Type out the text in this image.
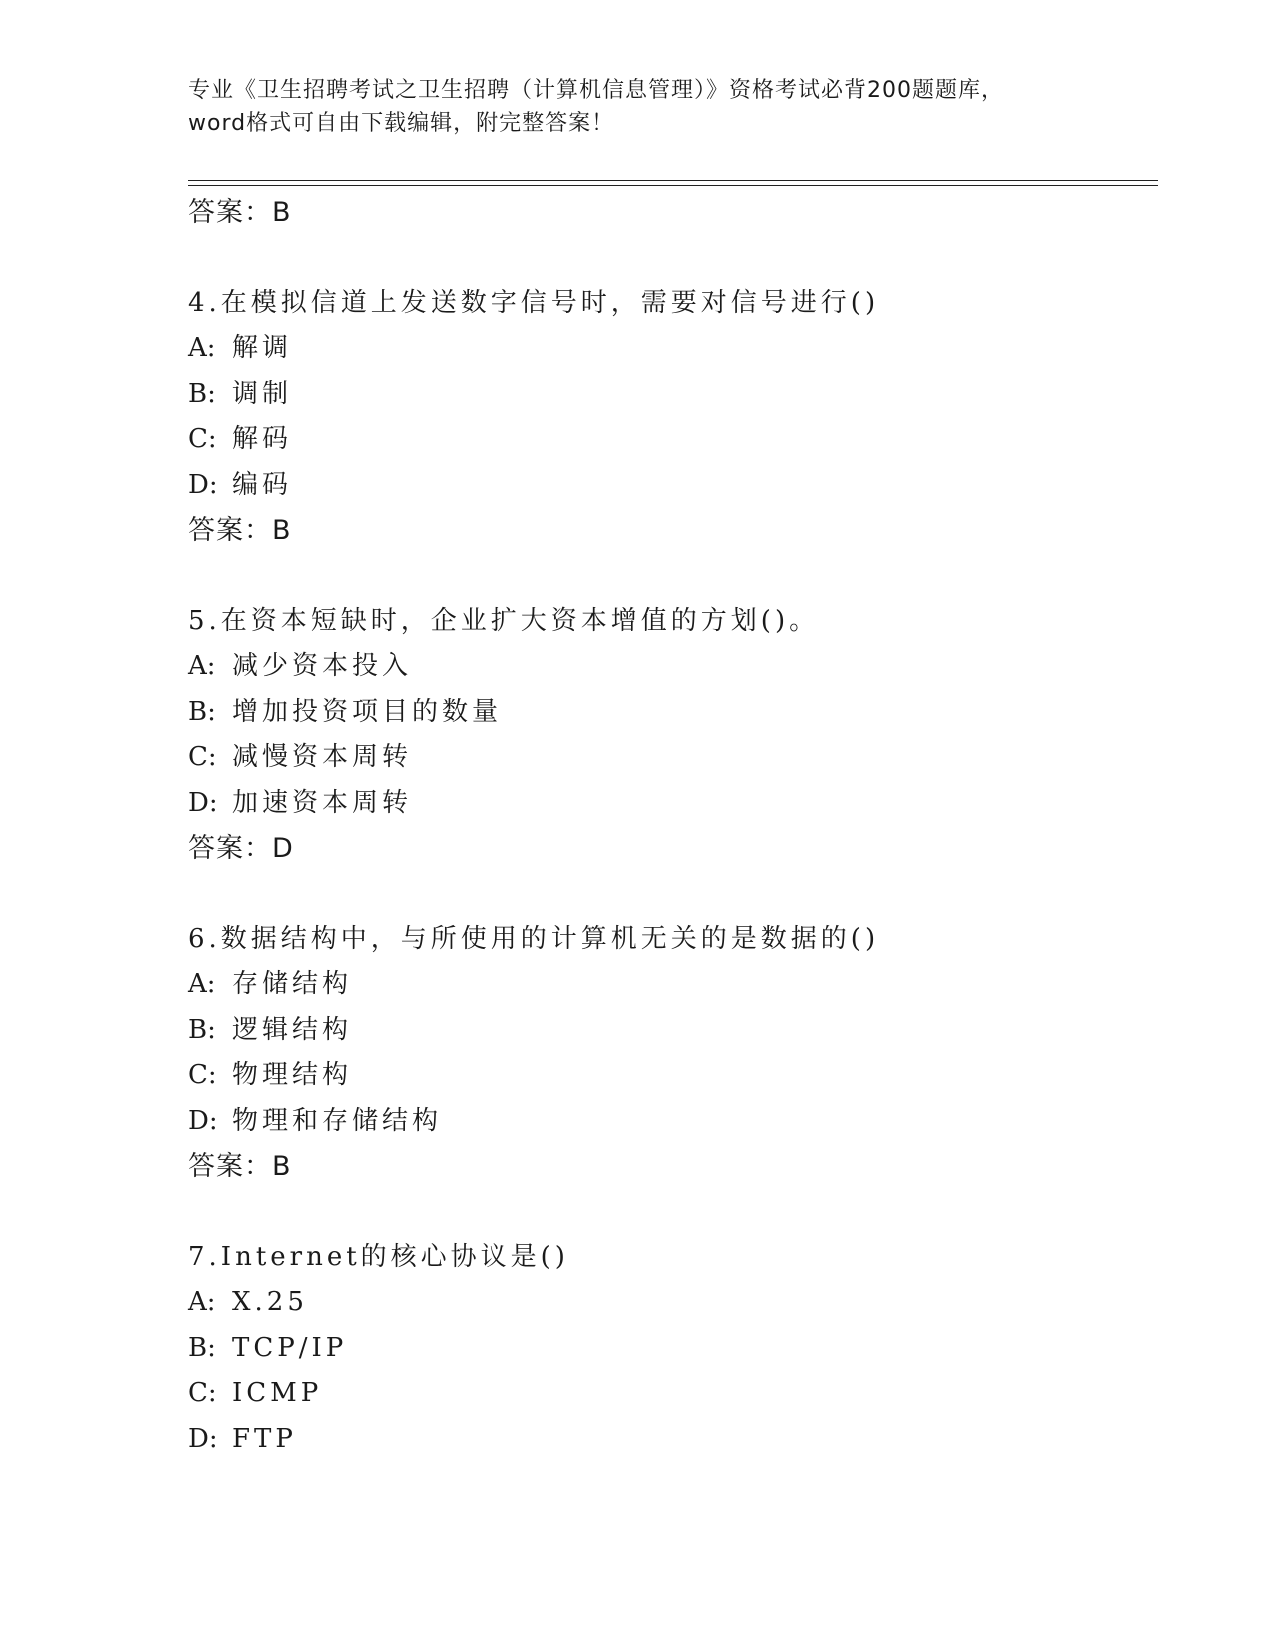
专业《卫生招聘考试之卫生招聘（计算机信息管理）》资格考试必背200题题库，
word格式可自由下载编辑，附完整答案！
答案：B
4.在模拟信道上发送数字信号时，需要对信号进行()
A: 解调
B: 调制
C: 解码
D: 编码
答案：B
5.在资本短缺时，企业扩大资本增值的方划()。
A: 减少资本投入
B: 增加投资项目的数量
C: 减慢资本周转
D: 加速资本周转
答案：D
6.数据结构中，与所使用的计算机无关的是数据的()
A: 存储结构
B: 逻辑结构
C: 物理结构
D: 物理和存储结构
答案：B
7.Internet的核心协议是()
A: X.25
B: TCP/IP
C: ICMP
D: FTP
